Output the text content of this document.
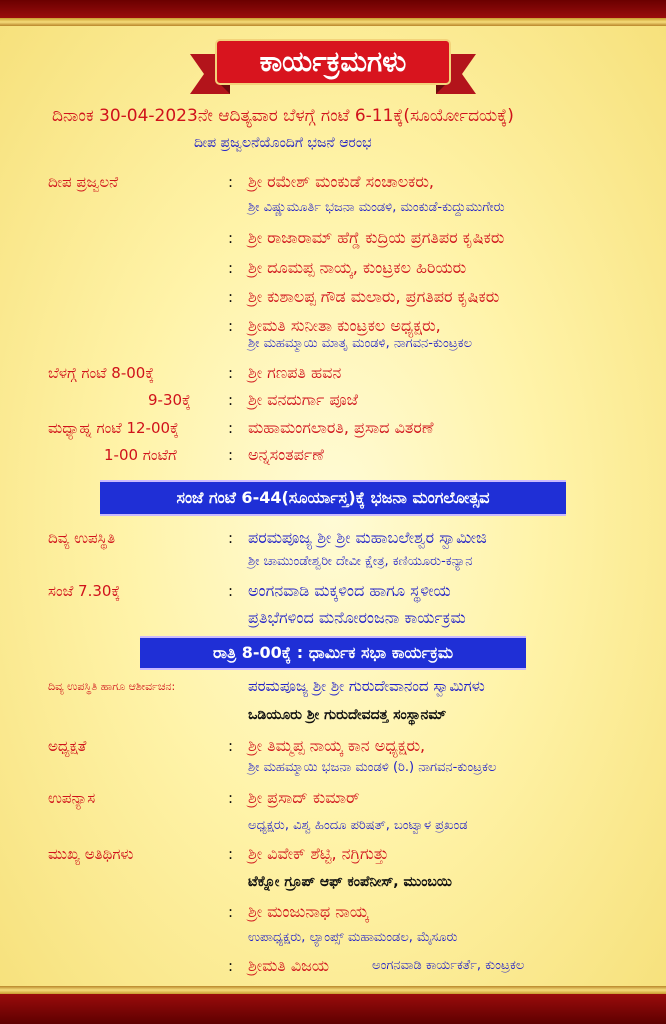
ಕಾರ್ಯಕ್ರಮಗಳು
ದಿನಾಂಕ 30-04-2023ನೇ ಆದಿತ್ಯವಾರ ಬೆಳಗ್ಗೆ ಗಂಟೆ 6-11ಕ್ಕೆ(ಸೂರ್ಯೋದಯಕ್ಕೆ)
ದೀಪ ಪ್ರಜ್ವಲನೆಯೊಂದಿಗೆ ಭಜನೆ ಆರಂಭ
ದೀಪ ಪ್ರಜ್ವಲನೆ	: ಶ್ರೀ ರಮೇಶ್ ಮಂಕುಡೆ ಸಂಚಾಲಕರು,
ಶ್ರೀ ವಿಷ್ಣುಮೂರ್ತಿ ಭಜನಾ ಮಂಡಳಿ, ಮಂಕುಡೆ-ಕುದ್ದುಮುಗೇರು
: ಶ್ರೀ ರಾಜಾರಾಮ್ ಹೆಗ್ಡೆ ಕುದ್ರಿಯ ಪ್ರಗತಿಪರ ಕೃಷಿಕರು
: ಶ್ರೀ ದೂಮಪ್ಪ ನಾಯ್ಕ, ಕುಂಟ್ರಕಲ ಹಿರಿಯರು
: ಶ್ರೀ ಕುಶಾಲಪ್ಪ ಗೌಡ ಮಲಾರು, ಪ್ರಗತಿಪರ ಕೃಷಿಕರು
: ಶ್ರೀಮತಿ ಸುನೀತಾ ಕುಂಟ್ರಕಲ ಅಧ್ಯಕ್ಷರು,
ಶ್ರೀ ಮಹಮ್ಮಾಯಿ ಮಾತೃ ಮಂಡಳಿ, ನಾಗವನ-ಕುಂಟ್ರಕಲ
ಬೆಳಗ್ಗೆ ಗಂಟೆ 8-00ಕ್ಕೆ	: ಶ್ರೀ ಗಣಪತಿ ಹವನ
9-30ಕ್ಕೆ : ಶ್ರೀ ವನದುರ್ಗಾ ಪೂಜೆ
ಮಧ್ಯಾಹ್ನ ಗಂಟೆ 12-00ಕ್ಕೆ	: ಮಹಾಮಂಗಲಾರತಿ, ಪ್ರಸಾದ ವಿತರಣೆ
1-00 ಗಂಟೆಗೆ	: ಅನ್ನಸಂತರ್ಪಣೆ
ಸಂಜೆ ಗಂಟೆ 6-44(ಸೂರ್ಯಾಸ್ತ)ಕ್ಕೆ ಭಜನಾ ಮಂಗಲೋತ್ಸವ
ದಿವ್ಯ ಉಪಸ್ಥಿತಿ	: ಪರಮಪೂಜ್ಯ ಶ್ರೀ ಶ್ರೀ ಮಹಾಬಲೇಶ್ವರ ಸ್ವಾಮೀಜಿ
ಶ್ರೀ ಚಾಮುಂಡೇಶ್ವರೀ ದೇವೀ ಕ್ಷೇತ್ರ, ಕಣಿಯೂರು-ಕನ್ಯಾನ
ಸಂಜೆ 7.30ಕ್ಕೆ	: ಅಂಗನವಾಡಿ ಮಕ್ಕಳಿಂದ ಹಾಗೂ ಸ್ಥಳೀಯ
ಪ್ರತಿಭೆಗಳಿಂದ ಮನೋರಂಜನಾ ಕಾರ್ಯಕ್ರಮ
ರಾತ್ರಿ 8-00ಕ್ಕೆ : ಧಾರ್ಮಿಕ ಸಭಾ ಕಾರ್ಯಕ್ರಮ
ದಿವ್ಯ ಉಪಸ್ಥಿತಿ ಹಾಗೂ ಆಶೀರ್ವಚನ:	ಪರಮಪೂಜ್ಯ ಶ್ರೀ ಶ್ರೀ ಗುರುದೇವಾನಂದ ಸ್ವಾಮಿಗಳು
ಒಡಿಯೂರು ಶ್ರೀ ಗುರುದೇವದತ್ತ ಸಂಸ್ಥಾನಮ್
ಅಧ್ಯಕ್ಷತೆ	: ಶ್ರೀ ತಿಮ್ಮಪ್ಪ ನಾಯ್ಕ ಕಾನ ಅಧ್ಯಕ್ಷರು,
ಶ್ರೀ ಮಹಮ್ಮಾಯಿ ಭಜನಾ ಮಂಡಳಿ (ರಿ.) ನಾಗವನ-ಕುಂಟ್ರಕಲ
ಉಪನ್ಯಾಸ	: ಶ್ರೀ ಪ್ರಸಾದ್ ಕುಮಾರ್
ಅಧ್ಯಕ್ಷರು, ವಿಶ್ವ ಹಿಂದೂ ಪರಿಷತ್, ಬಂಟ್ವಾಳ ಪ್ರಖಂಡ
ಮುಖ್ಯ ಅತಿಥಿಗಳು	: ಶ್ರೀ ವಿವೇಕ್ ಶೆಟ್ಟಿ, ನಗ್ರಿಗುತ್ತು
ಟೆಕ್ನೋ ಗ್ರೂಪ್ ಆಫ್ ಕಂಪೆನೀಸ್, ಮುಂಬಯಿ
: ಶ್ರೀ ಮಂಜುನಾಥ ನಾಯ್ಕ
ಉಪಾಧ್ಯಕ್ಷರು, ಲ್ಯಾಂಪ್ಸ್ ಮಹಾಮಂಡಲ, ಮೈಸೂರು
: ಶ್ರೀಮತಿ ವಿಜಯ	ಅಂಗನವಾಡಿ ಕಾರ್ಯಕರ್ತೆ, ಕುಂಟ್ರಕಲ
